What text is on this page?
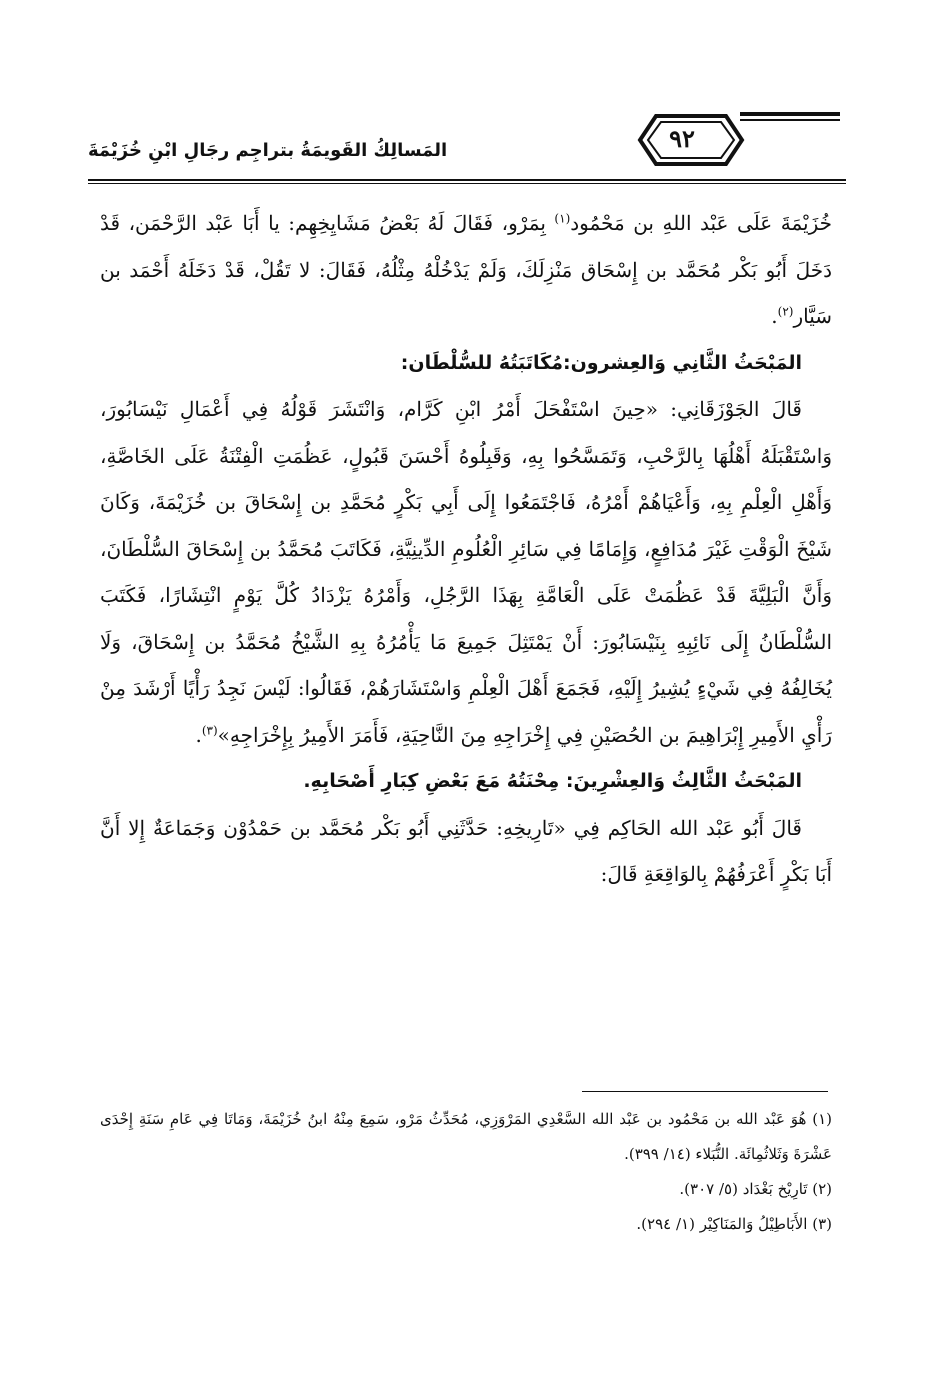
٩٢
المَسالِكُ القَويمَةُ بتراجِم رجَالِ ابْنِ خُزَيْمَةَ

خُزَيْمَةَ عَلَى عَبْد اللهِ بن مَحْمُود$^{(١)}$ بِمَرْو، فَقَالَ لَهُ بَعْضُ مَشَايِخِهِم: يا أَبَا عَبْد الرَّحْمَن، قَدْ دَخَلَ أَبُو بَكْر مُحَمَّد بن إِسْحَاق مَنْزِلَكَ، وَلَمْ يَدْخُلْهُ مِثْلُهُ، فَقَالَ: لا تَقُلْ، قَدْ دَخَلَهُ أَحْمَد بن سَيَّار$^{(٢)}$.

المَبْحَثُ الثَّانِي وَالعِشرون:مُكَاتَبَتُهُ للسُّلْطَان:

قَالَ الجَوْزَقَانِي: «حِينَ اسْتَفْحَلَ أَمْرُ ابْنِ كَرَّام، وَانْتَشَرَ قَوْلُهُ فِي أَعْمَالِ نَيْسَابُورَ، وَاسْتَقْبَلَهُ أَهْلُهَا بِالرَّحْبِ، وَتَمَسَّحُوا بِهِ، وَقَبِلُوهُ أَحْسَنَ قَبُولٍ، عَظُمَتِ الْفِتْنَةُ عَلَى الخَاصَّةِ، وَأَهْلِ الْعِلْمِ بِهِ، وَأَعْيَاهُمْ أَمْرُهُ، فَاجْتَمَعُوا إِلَى أَبِي بَكْرٍ مُحَمَّدِ بن إِسْحَاقَ بن خُزَيْمَةَ، وَكَانَ شَيْخَ الْوَقْتِ غَيْرَ مُدَافِعٍ، وَإِمَامًا فِي سَائِرِ الْعُلُومِ الدِّينِيَّةِ، فَكَاتَبَ مُحَمَّدُ بن إِسْحَاقَ السُّلْطَانَ، وَأَنَّ الْبَلِيَّةَ قَدْ عَظُمَتْ عَلَى الْعَامَّةِ بِهَذَا الرَّجُلِ، وَأَمْرُهُ يَزْدَادُ كُلَّ يَوْمٍ انْتِشَارًا، فَكَتَبَ السُّلْطَانُ إِلَى نَائِبِهِ بِنَيْسَابُورَ: أَنْ يَمْتَثِلَ جَمِيعَ مَا يَأْمُرُهُ بِهِ الشَّيْخُ مُحَمَّدُ بن إِسْحَاقَ، وَلَا يُخَالِفُهُ فِي شَيْءٍ يُشِيرُ إِلَيْهِ، فَجَمَعَ أَهْلَ الْعِلْمِ وَاسْتَشَارَهُمْ، فَقَالُوا: لَيْسَ نَجِدُ رَأْيًا أَرْشَدَ مِنْ رَأْيِ الأَمِيرِ إِبْرَاهِيمَ بن الحُصَيْنِ فِي إِخْرَاجِهِ مِنَ النَّاحِيَةِ، فَأَمَرَ الأَمِيرُ بِإِخْرَاجِهِ»$^{(٣)}$.

المَبْحَثُ الثَّالِثُ وَالعِشْرِينَ: مِحْنَتُهُ مَعَ بَعْضِ كِبَارِ أَصْحَابِهِ.

قَالَ أَبُو عَبْد الله الحَاكِم فِي «تَارِيخِهِ: حَدَّثَنِي أَبُو بَكْر مُحَمَّد بن حَمْدُوْن وَجَمَاعَةٌ إِلا أَنَّ أَبَا بَكْرٍ أَعْرَفُهُمْ بِالوَاقِعَةِ قَالَ:

(١) هُوَ عَبْد الله بن مَحْمُود بن عَبْد الله السَّعْدِي المَرْوَزِي، مُحَدِّثُ مَرْو، سَمِعَ مِنْهُ ابنُ خُزَيْمَةَ، وَمَاتَا فِي عَامِ سَنَةِ إِحْدَى عَشْرَةَ وَثَلاثُمِائَة. النُّبَلاء (١٤/ ٣٩٩).

(٢) تَارِيْخ بَغْدَاد (٥/ ٣٠٧).

(٣) الأَبَاطِيْلُ وَالمَنَاكِيْر (١/ ٢٩٤).
